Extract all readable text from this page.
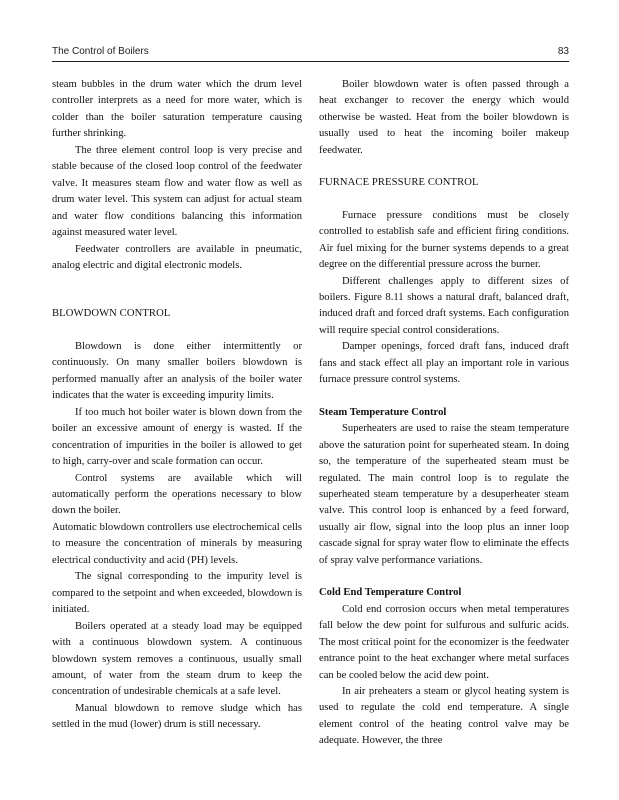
The Control of Boilers	83

steam bubbles in the drum water which the drum level controller interprets as a need for more water, which is colder than the boiler saturation temperature causing further shrinking.

The three element control loop is very precise and stable because of the closed loop control of the feedwater valve. It measures steam flow and water flow as well as drum water level. This system can adjust for actual steam and water flow conditions balancing this information against measured water level.

Feedwater controllers are available in pneumatic, analog electric and digital electronic models.

BLOWDOWN CONTROL

Blowdown is done either intermittently or continuously. On many smaller boilers blowdown is performed manually after an analysis of the boiler water indicates that the water is exceeding impurity limits.

If too much hot boiler water is blown down from the boiler an excessive amount of energy is wasted. If the concentration of impurities in the boiler is allowed to get to high, carry-over and scale formation can occur.

Control systems are available which will automatically perform the operations necessary to blow down the boiler.

Automatic blowdown controllers use electrochemical cells to measure the concentration of minerals by measuring electrical conductivity and acid (PH) levels.

The signal corresponding to the impurity level is compared to the setpoint and when exceeded, blowdown is initiated.

Boilers operated at a steady load may be equipped with a continuous blowdown system. A continuous blowdown system removes a continuous, usually small amount, of water from the steam drum to keep the concentration of undesirable chemicals at a safe level.

Manual blowdown to remove sludge which has settled in the mud (lower) drum is still necessary.

Boiler blowdown water is often passed through a heat exchanger to recover the energy which would otherwise be wasted. Heat from the boiler blowdown is usually used to heat the incoming boiler makeup feedwater.

FURNACE PRESSURE CONTROL

Furnace pressure conditions must be closely controlled to establish safe and efficient firing conditions. Air fuel mixing for the burner systems depends to a great degree on the differential pressure across the burner.

Different challenges apply to different sizes of boilers. Figure 8.11 shows a natural draft, balanced draft, induced draft and forced draft systems. Each configuration will require special control considerations.

Damper openings, forced draft fans, induced draft fans and stack effect all play an important role in various furnace pressure control systems.

Steam Temperature Control

Superheaters are used to raise the steam temperature above the saturation point for superheated steam. In doing so, the temperature of the superheated steam must be regulated. The main control loop is to regulate the superheated steam temperature by a desuperheater steam valve. This control loop is enhanced by a feed forward, usually air flow, signal into the loop plus an inner loop cascade signal for spray water flow to eliminate the effects of spray valve performance variations.

Cold End Temperature Control

Cold end corrosion occurs when metal temperatures fall below the dew point for sulfurous and sulfuric acids. The most critical point for the economizer is the feedwater entrance point to the heat exchanger where metal surfaces can be cooled below the acid dew point.

In air preheaters a steam or glycol heating system is used to regulate the cold end temperature. A single element control of the heating control valve may be adequate. However, the three
